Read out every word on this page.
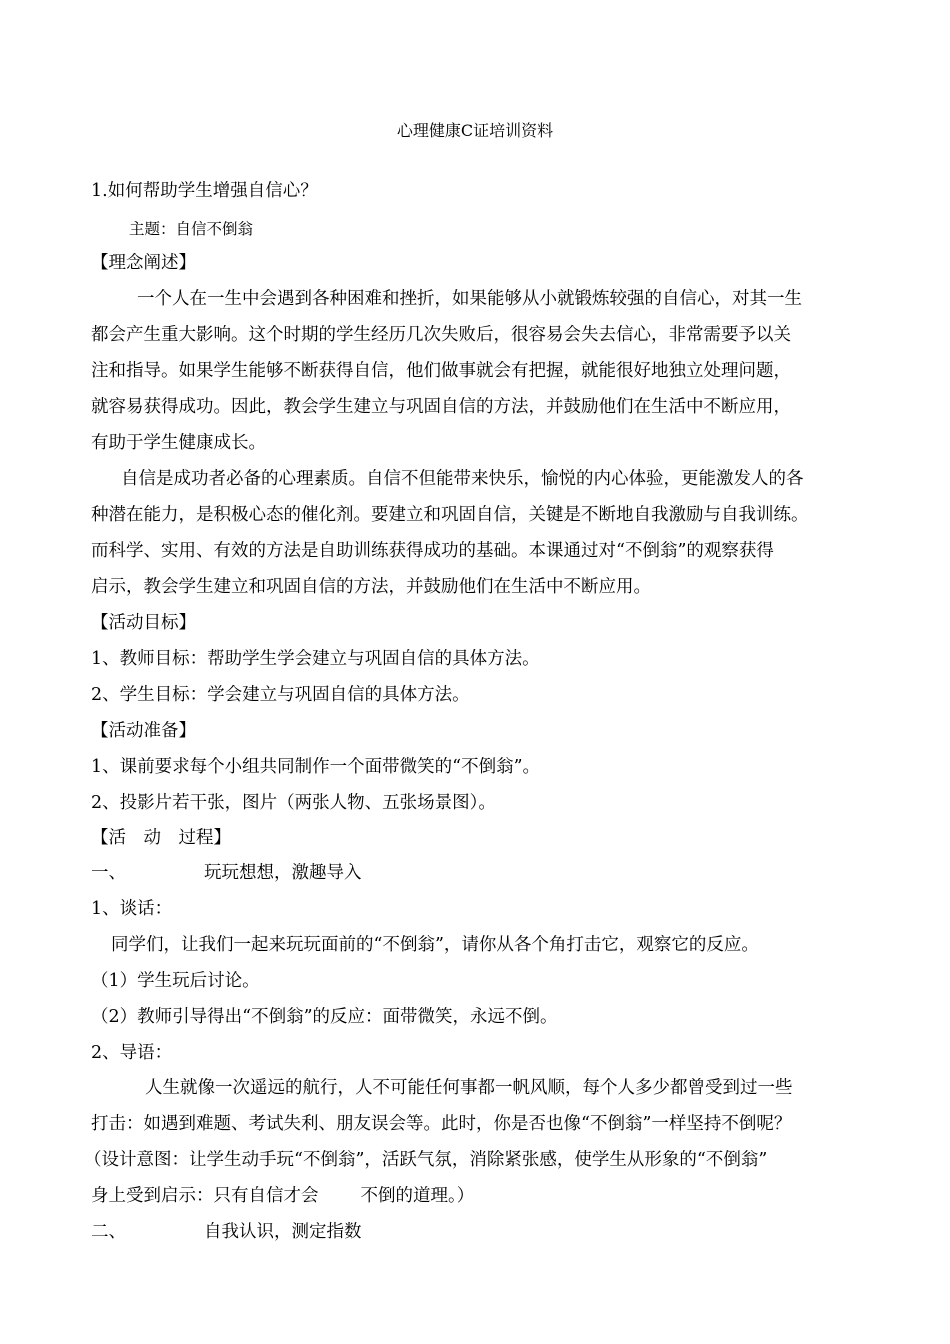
心理健康C证培训资料
1.如何帮助学生增强自信心？
主题：自信不倒翁
【理念阐述】
一个人在一生中会遇到各种困难和挫折，如果能够从小就锻炼较强的自信心，对其一生
都会产生重大影响。这个时期的学生经历几次失败后，很容易会失去信心，非常需要予以关
注和指导。如果学生能够不断获得自信，他们做事就会有把握，就能很好地独立处理问题，
就容易获得成功。因此，教会学生建立与巩固自信的方法，并鼓励他们在生活中不断应用，
有助于学生健康成长。
自信是成功者必备的心理素质。自信不但能带来快乐，愉悦的内心体验，更能激发人的各
种潜在能力，是积极心态的催化剂。要建立和巩固自信，关键是不断地自我激励与自我训练。
而科学、实用、有效的方法是自助训练获得成功的基础。本课通过对“不倒翁”的观察获得
启示，教会学生建立和巩固自信的方法，并鼓励他们在生活中不断应用。
【活动目标】
1、教师目标：帮助学生学会建立与巩固自信的具体方法。
2、学生目标：学会建立与巩固自信的具体方法。
【活动准备】
1、课前要求每个小组共同制作一个面带微笑的“不倒翁”。
2、投影片若干张，图片（两张人物、五张场景图）。
【活　动　过程】
一、	玩玩想想，激趣导入
1、谈话：
同学们，让我们一起来玩玩面前的“不倒翁”，请你从各个角打击它，观察它的反应。
（1）学生玩后讨论。
（2）教师引导得出“不倒翁”的反应：面带微笑，永远不倒。
2、导语：
人生就像一次遥远的航行，人不可能任何事都一帆风顺，每个人多少都曾受到过一些
打击：如遇到难题、考试失利、朋友误会等。此时，你是否也像“不倒翁”一样坚持不倒呢？
（设计意图：让学生动手玩“不倒翁”，活跃气氛，消除紧张感，使学生从形象的“不倒翁”
身上受到启示：只有自信才会 不倒的道理。）
二、	自我认识，测定指数
